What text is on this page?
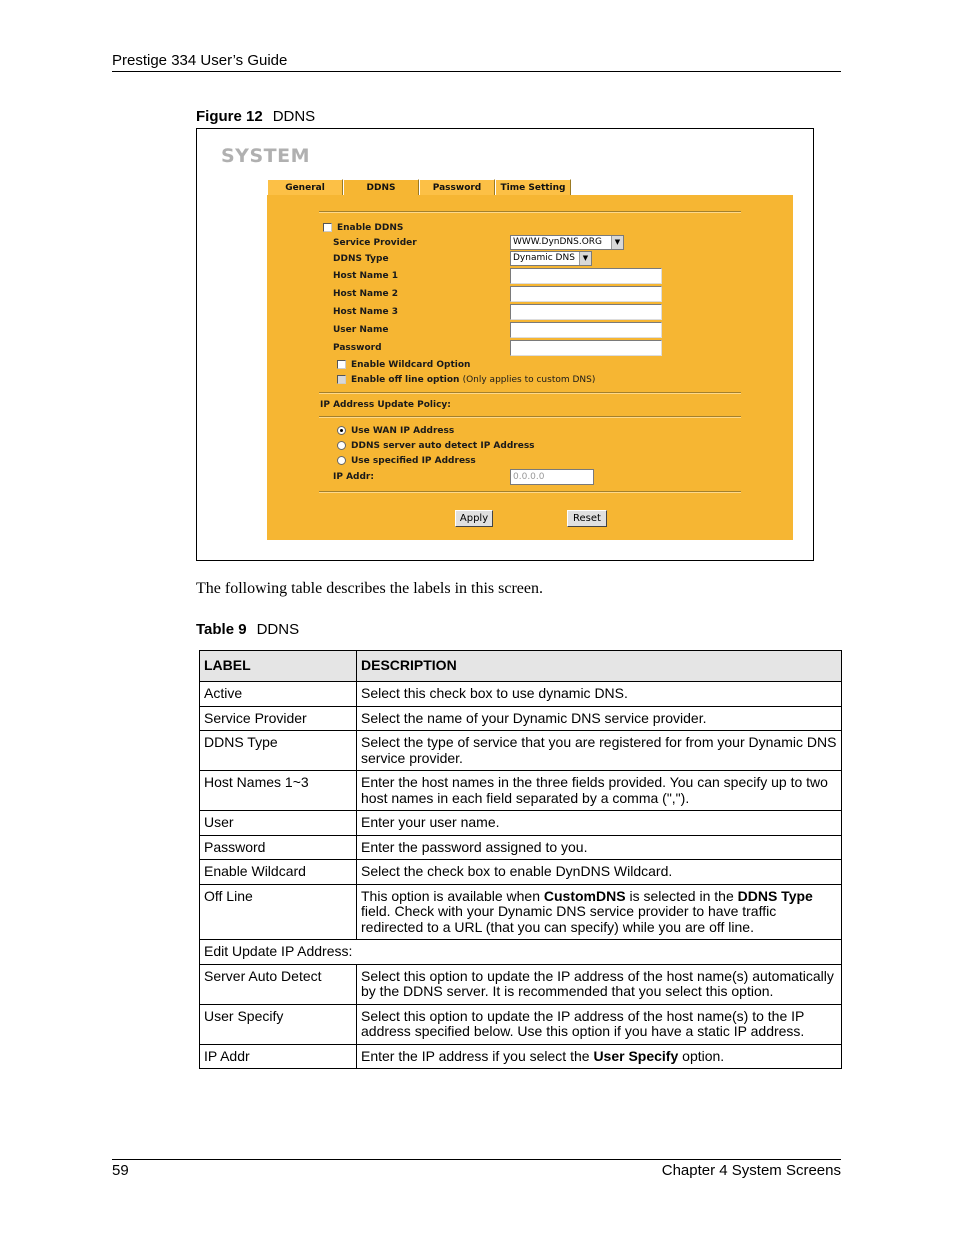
Prestige 334 User’s Guide
Figure 12 DDNS
SYSTEM
General	DDNS	Password	Time Setting
Enable DDNS
Service Provider	WWW.DynDNS.ORG	▼
DDNS Type	Dynamic DNS	▼
Host Name 1
Host Name 2
Host Name 3
User Name
Password
Enable Wildcard Option
Enable off line option (Only applies to custom DNS)
IP Address Update Policy:
Use WAN IP Address
DDNS server auto detect IP Address
Use specified IP Address
IP Addr:	0.0.0.0
Apply	Reset
The following table describes the labels in this screen.
Table 9 DDNS
LABEL	DESCRIPTION
Active	Select this check box to use dynamic DNS.
Service Provider	Select the name of your Dynamic DNS service provider.
DDNS Type	Select the type of service that you are registered for from your Dynamic DNS service provider.
Host Names 1~3	Enter the host names in the three fields provided. You can specify up to two host names in each field separated by a comma (",").
User	Enter your user name.
Password	Enter the password assigned to you.
Enable Wildcard	Select the check box to enable DynDNS Wildcard.
Off Line	This option is available when CustomDNS is selected in the DDNS Type field. Check with your Dynamic DNS service provider to have traffic redirected to a URL (that you can specify) while you are off line.
Edit Update IP Address:	
Server Auto Detect	Select this option to update the IP address of the host name(s) automatically by the DDNS server. It is recommended that you select this option.
User Specify	Select this option to update the IP address of the host name(s) to the IP address specified below. Use this option if you have a static IP address.
IP Addr	Enter the IP address if you select the User Specify option.
59	Chapter 4 System Screens
